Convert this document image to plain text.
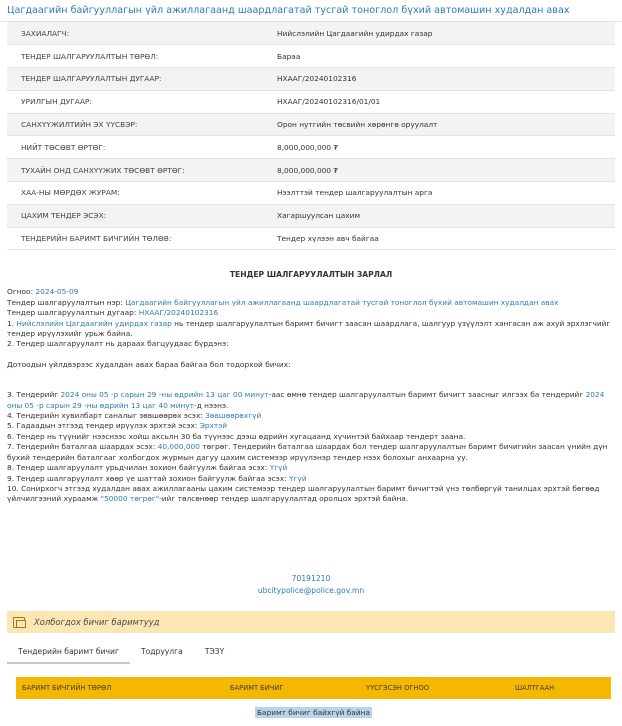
Цагдаагийн байгууллагын үйл ажиллагаанд шаардлагатай тусгай тоноглол бүхий автомашин худалдан авах
ЗАХИАЛАГЧ:	Нийслэлийн Цагдаагийн удирдах газар
ТЕНДЕР ШАЛГАРУУЛАЛТЫН ТӨРӨЛ:	Бараа
ТЕНДЕР ШАЛГАРУУЛАЛТЫН ДУГААР:	НХААГ/20240102316
УРИЛГЫН ДУГААР:	НХААГ/20240102316/01/01
САНХҮҮЖИЛТИЙН ЭХ ҮҮСВЭР:	Орон нутгийн төсвийн хөрөнгө оруулалт
НИЙТ ТӨСӨВТ ӨРТӨГ:	8,000,000,000 ₮
ТУХАЙН ОНД САНХҮҮЖИХ ТӨСӨВТ ӨРТӨГ:	8,000,000,000 ₮
ХАА-НЫ МӨРДӨХ ЖУРАМ:	Нээлттэй тендер шалгаруулалтын арга
ЦАХИМ ТЕНДЕР ЭСЭХ:	Хагаршуулсан цахим
ТЕНДЕРИЙН БАРИМТ БИЧГИЙН ТӨЛӨВ:	Тендер хүлээн авч байгаа
ТЕНДЕР ШАЛГАРУУЛАЛТЫН ЗАРЛАЛ
Огноо: 2024-05-09
Тендер шалгаруулалтын нэр: Цагдаагийн байгууллагын үйл ажиллагаанд шаардлагатай тусгай тоноглол бүхий автомашин худалдан авах
Тендер шалгаруулалтын дугаар: НХААГ/20240102316
1. Нийслэлийн Цагдаагийн удирдах газар нь тендер шалгаруулалтын баримт бичигт заасан шаардлага, шалгуур үзүүлэлт хангасан аж ахуй эрхлэгчийг тендер ирүүлэхийг урьж байна.
2. Тендер шалгаруулалт нь дараах багцуудаас бүрдэнэ:
Дотоодын үйлдвэрээс худалдан авах бараа байгаа бол тодорхой бичих:
3. Тендерийг 2024 оны 05 -р сарын 29 -ны өдрийн 13 цаг 00 минут-аас өмнө тендер шалгаруулалтын баримт бичигт заасныг илгээх ба тендерийг 2024 оны 05 -р сарын 29 -ны өдрийн 13 цаг 40 минут-д нээнэ.
4. Тендерийн хувилбарт саналыг зөвшөөрөх эсэх: Зөвшөөрөхгүй
5. Гадаадын этгээд тендер ирүүлэх эрхтэй эсэх: Эрхтэй
6. Тендер нь түүнийг нээснээс хойш аксьлн 30 ба түүнээс дээш өдрийн хугацаанд хүчинтэй байхаар тендерт заана.
7. Тендерийн баталгаа шаардах эсэх: 40,000,000 төгрөг. Тендерийн баталгаа шаардах бол тендер шалгаруулалтын баримт бичигийн заасан үнийн дүн бүхий тендерийн баталгааг холбогдох журмын дагуу цахим системээр ирүүлэнэр тендер нээх болохыг анхаарна уу.
8. Тендер шалгаруулалт урьдчилан зохион байгуулж байгаа эсэх: Үгүй
9. Тендер шалгаруулалт хөөр үе шаттай зохион байгуулж байгаа эсэх: Үгүй
10. Сонирхогч этгээд худалдан авах ажиллагааны цахим системээр тендер шалгаруулалтын баримт бичигтэй үнэ төлбөргүй танилцах эрхтэй бөгөөд үйлчилгээний хураамж "50000 төгрөг"-ийг төлсөнөөр тендер шалгаруулалтад оролцох эрхтэй байна.
70191210
ubcitypolice@police.gov.mn
Холбогдох бичиг баримтууд
Тендерийн баримт бичиг	Тодруулга	ТЭЗҮ
БАРИМТ БИЧГИЙН ТӨРӨЛ	БАРИМТ БИЧИГ	ҮҮСГЭСЭН ОГНОО	ШАЛТГААН
Баримт бичиг байхгүй байна
